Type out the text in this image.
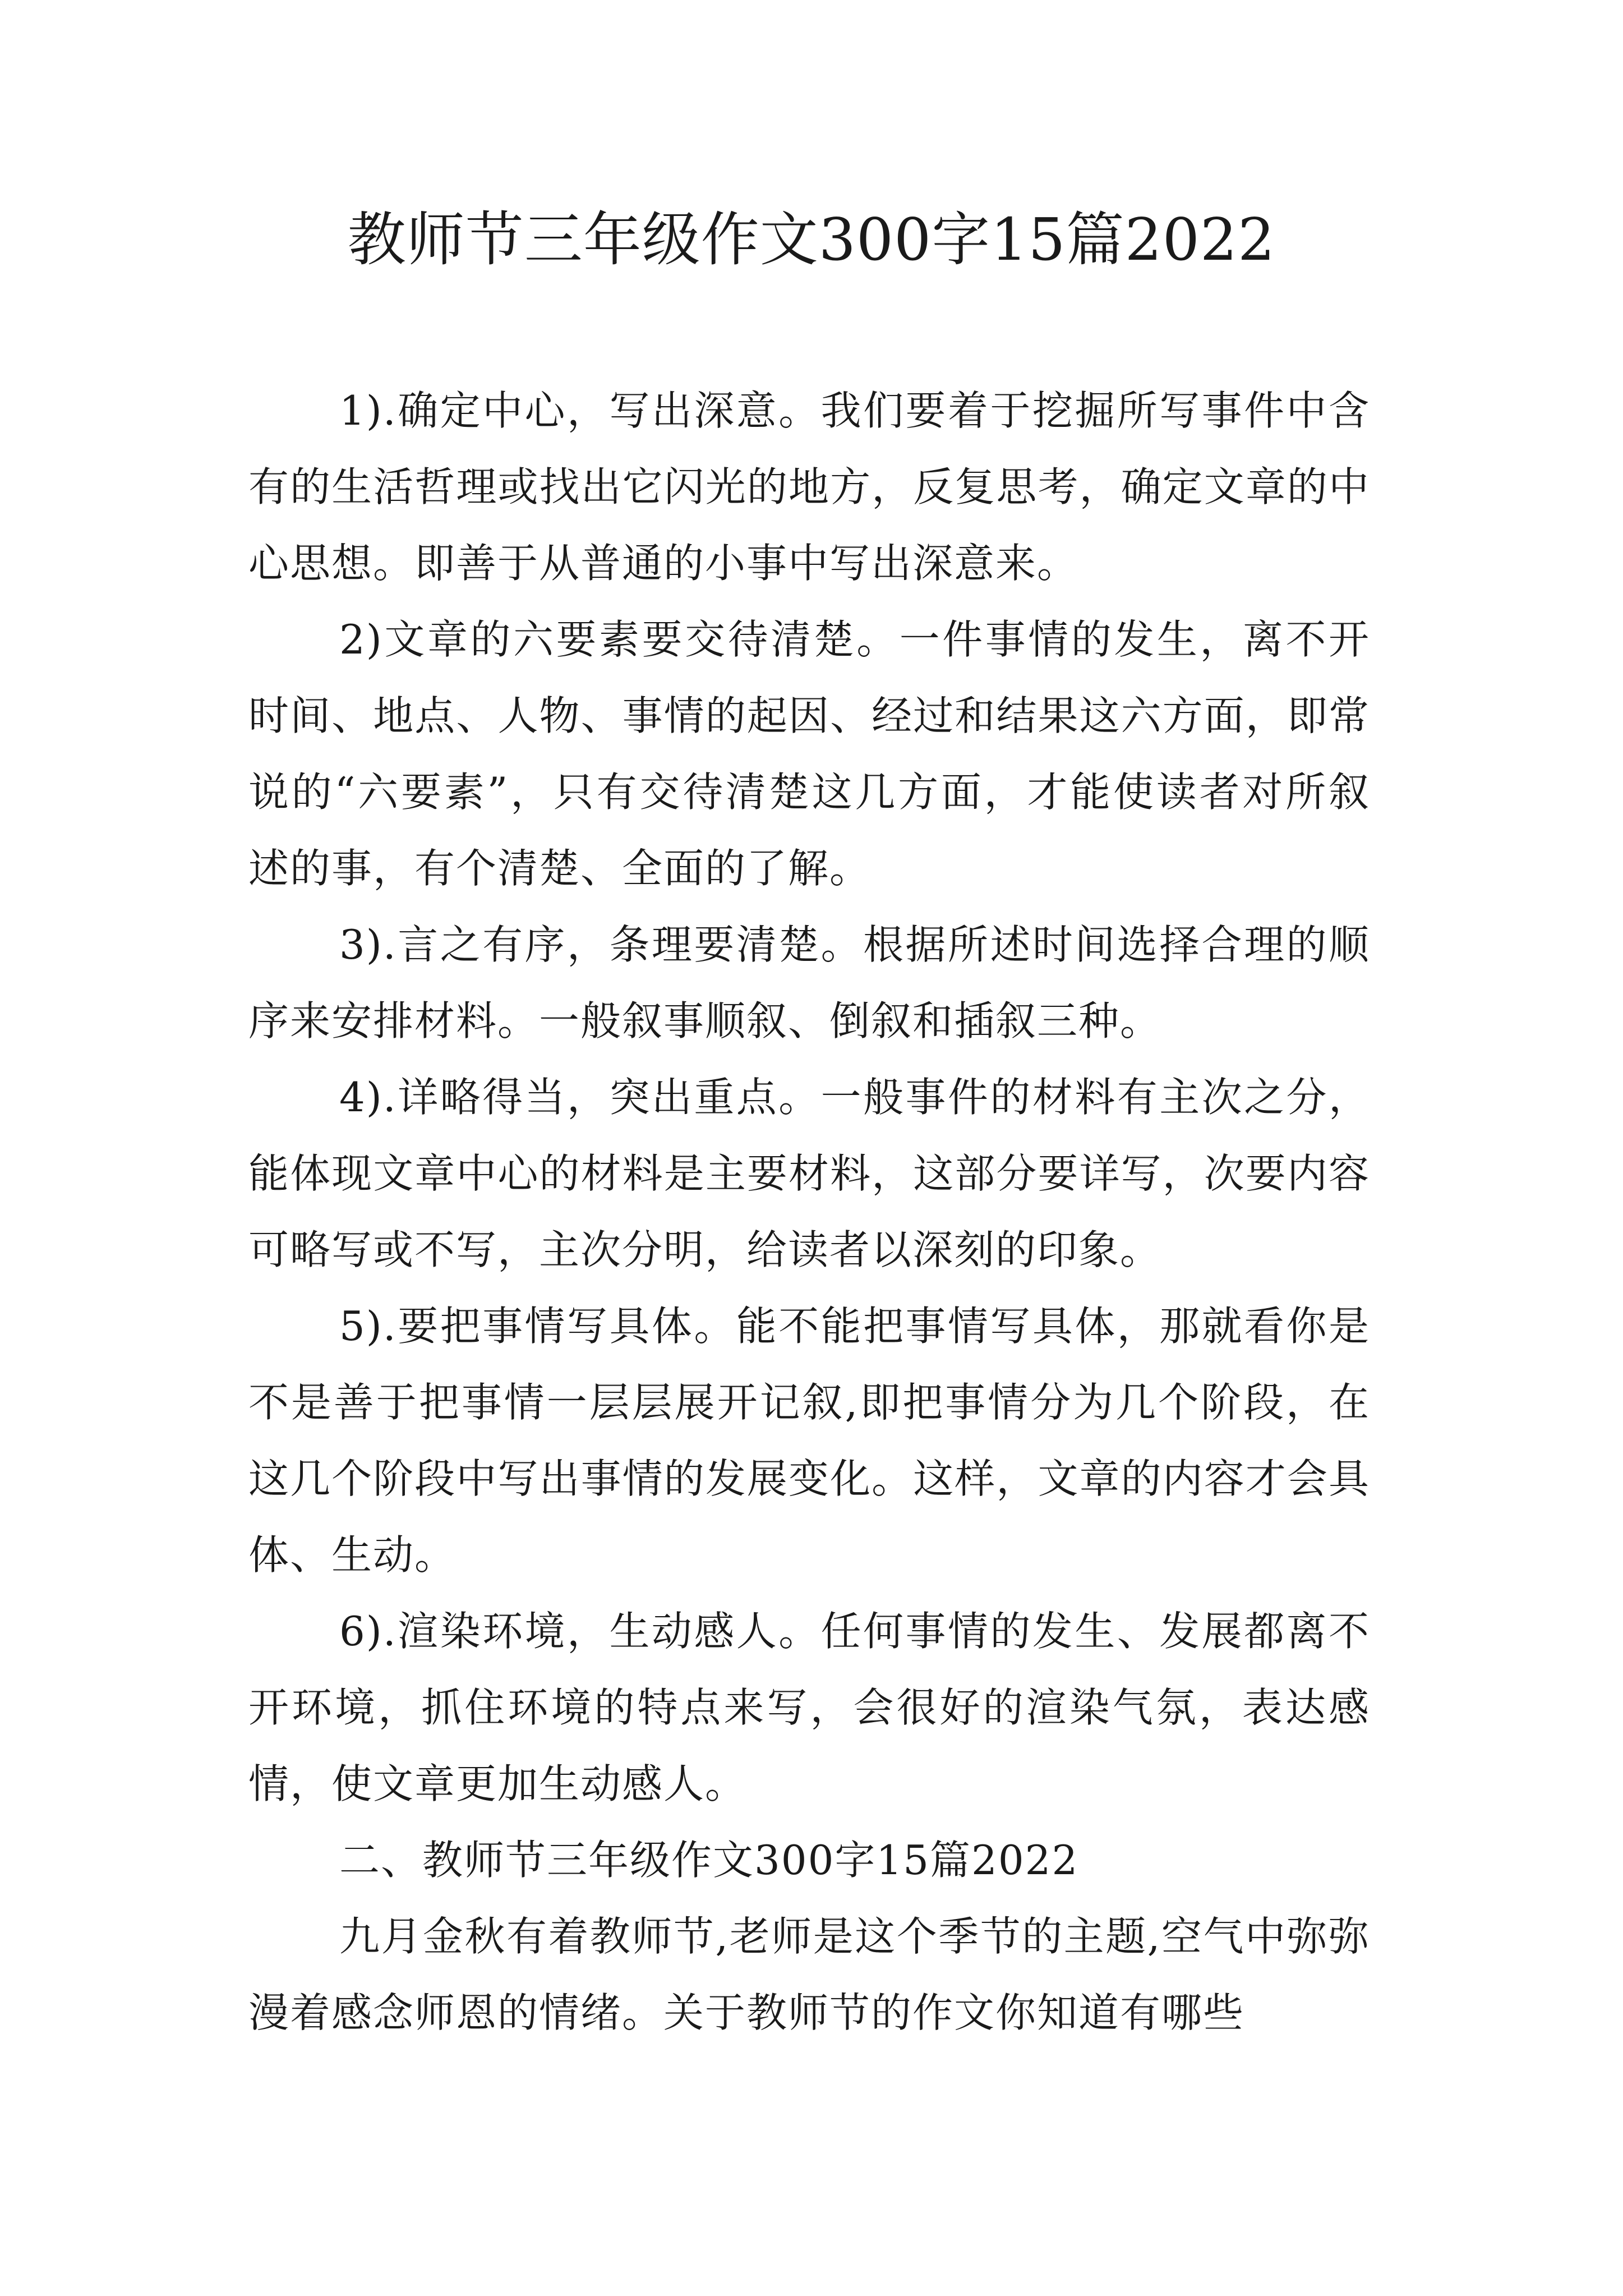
教师节三年级作文300字15篇2022

1).确定中心，写出深意。我们要着于挖掘所写事件中含有的生活哲理或找出它闪光的地方，反复思考，确定文章的中心思想。即善于从普通的小事中写出深意来。

2)文章的六要素要交待清楚。一件事情的发生，离不开时间、地点、人物、事情的起因、经过和结果这六方面，即常说的“六要素”，只有交待清楚这几方面，才能使读者对所叙述的事，有个清楚、全面的了解。

3).言之有序，条理要清楚。根据所述时间选择合理的顺序来安排材料。一般叙事顺叙、倒叙和插叙三种。

4).详略得当，突出重点。一般事件的材料有主次之分，能体现文章中心的材料是主要材料，这部分要详写，次要内容可略写或不写，主次分明，给读者以深刻的印象。

5).要把事情写具体。能不能把事情写具体，那就看你是不是善于把事情一层层展开记叙,即把事情分为几个阶段，在这几个阶段中写出事情的发展变化。这样，文章的内容才会具体、生动。

6).渲染环境，生动感人。任何事情的发生、发展都离不开环境，抓住环境的特点来写，会很好的渲染气氛，表达感情，使文章更加生动感人。

二、教师节三年级作文300字15篇2022

九月金秋有着教师节,老师是这个季节的主题,空气中弥弥漫着感念师恩的情绪。关于教师节的作文你知道有哪些
